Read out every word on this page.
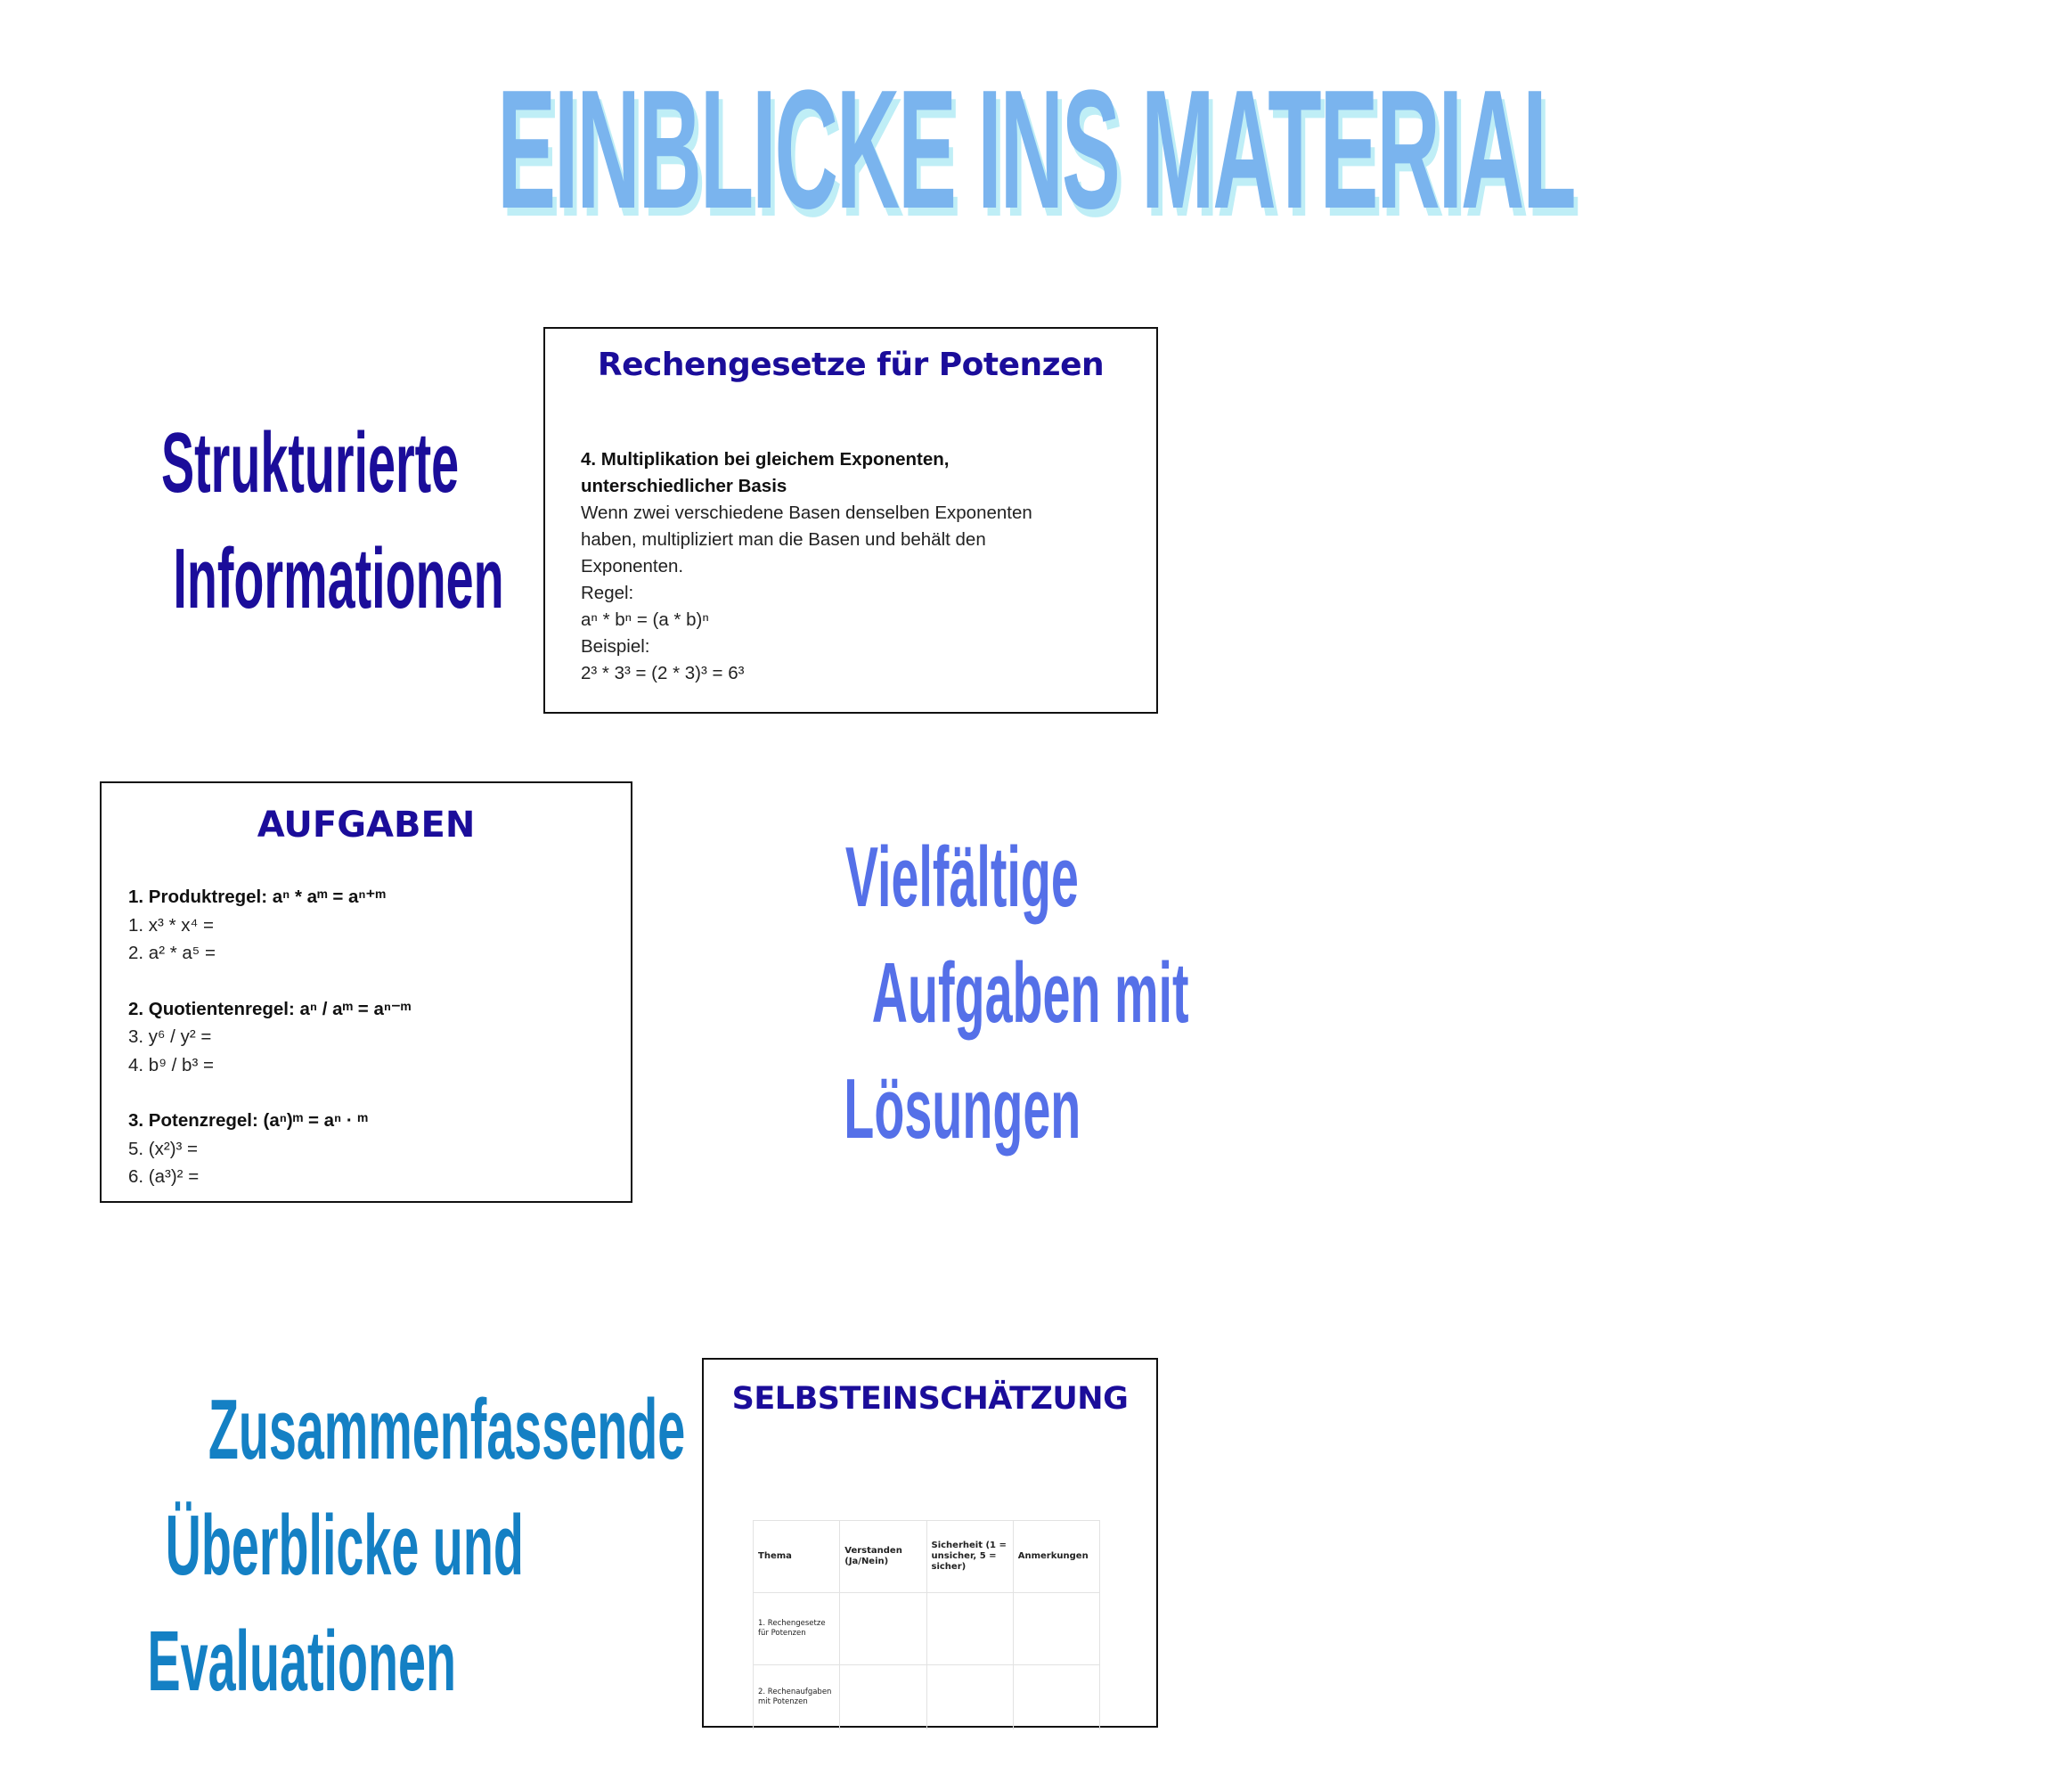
EINBLICKE INS MATERIAL
Strukturierte
Informationen
Rechengesetze für Potenzen
4. Multiplikation bei gleichem Exponenten,
unterschiedlicher Basis
Wenn zwei verschiedene Basen denselben Exponenten
haben, multipliziert man die Basen und behält den
Exponenten.
Regel:
aⁿ * bⁿ = (a * b)ⁿ
Beispiel:
2³ * 3³ = (2 * 3)³ = 6³
AUFGABEN
1. Produktregel: aⁿ * aᵐ = aⁿ⁺ᵐ
1. x³ * x⁴ =
2. a² * a⁵ =
2. Quotientenregel: aⁿ / aᵐ = aⁿ⁻ᵐ
3. y⁶ / y² =
4. b⁹ / b³ =
3. Potenzregel: (aⁿ)ᵐ = aⁿ · ᵐ
5. (x²)³ =
6. (a³)² =
Vielfältige
Aufgaben mit
Lösungen
Zusammenfassende
Überblicke und
Evaluationen
SELBSTEINSCHÄTZUNG
Thema	Verstanden (Ja/Nein)	Sicherheit (1 = unsicher, 5 = sicher)	Anmerkungen
1. Rechengesetze für Potenzen			
2. Rechenaufgaben mit Potenzen			
